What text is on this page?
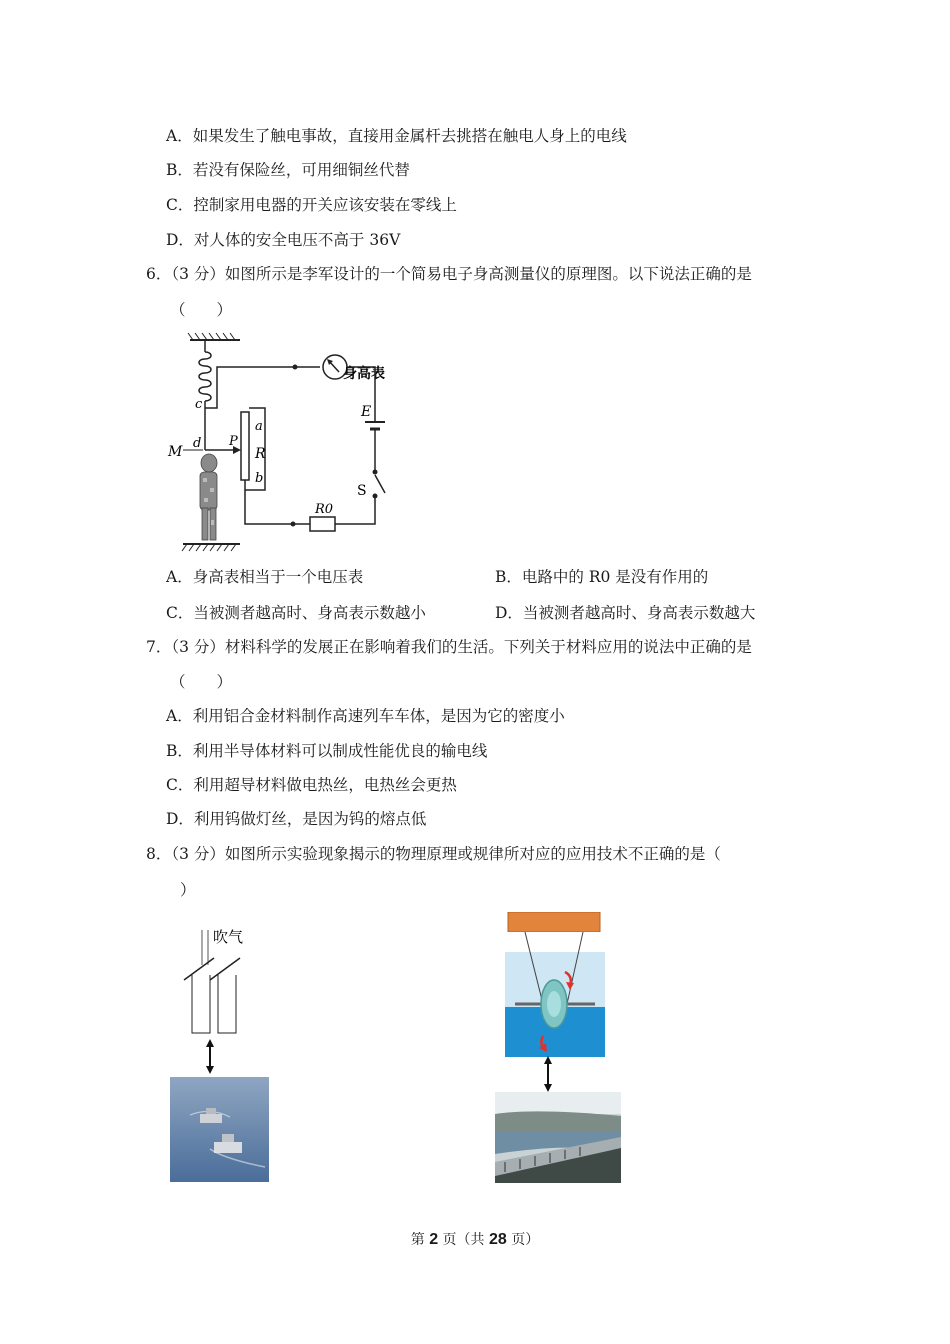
A．如果发生了触电事故，直接用金属杆去挑搭在触电人身上的电线
B．若没有保险丝，可用细铜丝代替
C．控制家用电器的开关应该安装在零线上
D．对人体的安全电压不高于 36V
6．（3 分）如图所示是李军设计的一个简易电子身高测量仪的原理图。以下说法正确的是
（　　）
身高表
E
S
R0
a
R
b
P
c
d
M
A．身高表相当于一个电压表	B．电路中的 R0 是没有作用的
C．当被测者越高时、身高表示数越小	D．当被测者越高时、身高表示数越大
7．（3 分）材料科学的发展正在影响着我们的生活。下列关于材料应用的说法中正确的是
（　　）
A．利用铝合金材料制作高速列车车体，是因为它的密度小
B．利用半导体材料可以制成性能优良的输电线
C．利用超导材料做电热丝，电热丝会更热
D．利用钨做灯丝，是因为钨的熔点低
8．（3 分）如图所示实验现象揭示的物理原理或规律所对应的应用技术不正确的是（
）
吹气
第 2 页（共 28 页）
